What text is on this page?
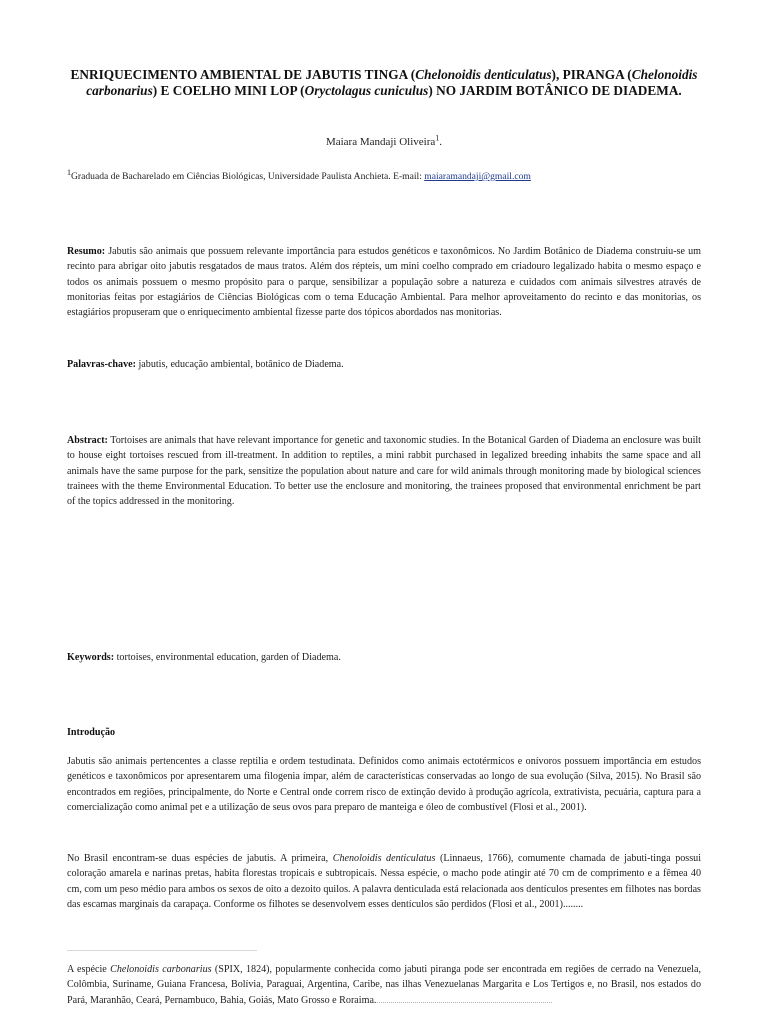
ENRIQUECIMENTO AMBIENTAL DE JABUTIS TINGA (Chelonoidis denticulatus), PIRANGA (Chelonoidis carbonarius) E COELHO MINI LOP (Oryctolagus cuniculus) NO JARDIM BOTÂNICO DE DIADEMA.
Maiara Mandaji Oliveira$^1$.
$^1$Graduada de Bacharelado em Ciências Biológicas, Universidade Paulista Anchieta. E-mail: maiaramandaji@gmail.com
Resumo: Jabutis são animais que possuem relevante importância para estudos genéticos e taxonômicos. No Jardim Botânico de Diadema construiu-se um recinto para abrigar oito jabutis resgatados de maus tratos. Além dos répteis, um mini coelho comprado em criadouro legalizado habita o mesmo espaço e todos os animais possuem o mesmo propósito para o parque, sensibilizar a população sobre a natureza e cuidados com animais silvestres através de monitorias feitas por estagiários de Ciências Biológicas com o tema Educação Ambiental. Para melhor aproveitamento do recinto e das monitorias, os estagiários propuseram que o enriquecimento ambiental fizesse parte dos tópicos abordados nas monitorias.
Palavras-chave: jabutis, educação ambiental, botânico de Diadema.
Abstract: Tortoises are animals that have relevant importance for genetic and taxonomic studies. In the Botanical Garden of Diadema an enclosure was built to house eight tortoises rescued from ill-treatment. In addition to reptiles, a mini rabbit purchased in legalized breeding inhabits the same space and all animals have the same purpose for the park, sensitize the population about nature and care for wild animals through monitoring made by biological sciences trainees with the theme Environmental Education. To better use the enclosure and monitoring, the trainees proposed that environmental enrichment be part of the topics addressed in the monitoring.
Keywords: tortoises, environmental education, garden of Diadema.
Introdução
Jabutis são animais pertencentes a classe reptilia e ordem testudinata. Definidos como animais ectotérmicos e onívoros possuem importância em estudos genéticos e taxonômicos por apresentarem uma filogenia ímpar, além de características conservadas ao longo de sua evolução (Silva, 2015). No Brasil são encontrados em regiões, principalmente, do Norte e Central onde correm risco de extinção devido à produção agrícola, extrativista, pecuária, captura para a comercialização como animal pet e a utilização de seus ovos para preparo de manteiga e óleo de combustível (Flosi et al., 2001).
No Brasil encontram-se duas espécies de jabutis. A primeira, Chenoloidis denticulatus (Linnaeus, 1766), comumente chamada de jabuti-tinga possui coloração amarela e narinas pretas, habita florestas tropicais e subtropicais. Nessa espécie, o macho pode atingir até 70 cm de comprimento e a fêmea 40 cm, com um peso médio para ambos os sexos de oito a dezoito quilos. A palavra denticulada está relacionada aos dentículos presentes em filhotes nas bordas das escamas marginais da carapaça. Conforme os filhotes se desenvolvem esses dentículos são perdidos (Flosi et al., 2001)........
...............................................................................................
A espécie Chelonoidis carbonarius (SPIX, 1824), popularmente conhecida como jabuti piranga pode ser encontrada em regiões de cerrado na Venezuela, Colômbia, Suriname, Guiana Francesa, Bolívia, Paraguai, Argentina, Caribe, nas ilhas Venezuelanas Margarita e Los Tertigos e, no Brasil, nos estados do Pará, Maranhão, Ceará, Pernambuco, Bahia, Goiás, Mato Grosso e Roraima.........................................................................................
